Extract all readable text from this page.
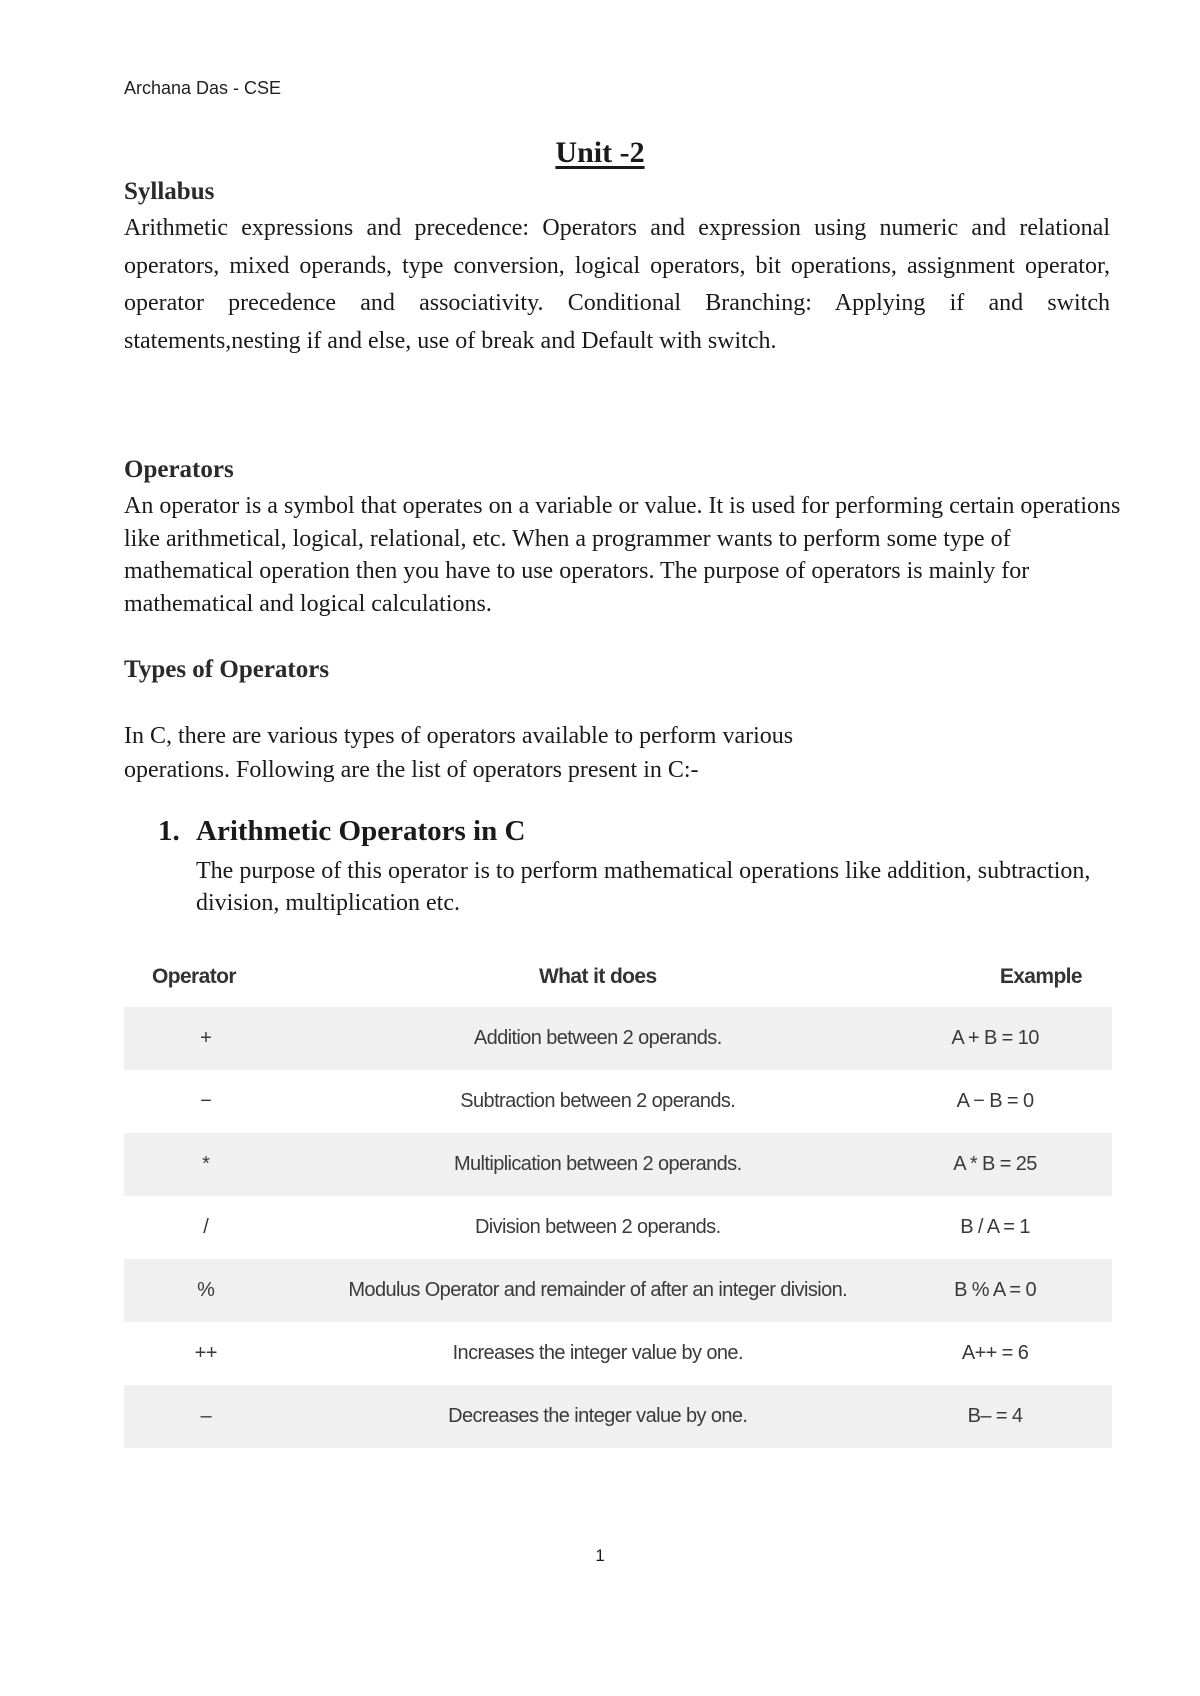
Archana Das - CSE
Unit -2
Syllabus
Arithmetic expressions and precedence: Operators and expression using numeric and relational operators, mixed operands, type conversion, logical operators, bit operations, assignment operator, operator precedence and associativity. Conditional Branching: Applying if and switch statements,nesting if and else, use of break and Default with switch.
Operators
An operator is a symbol that operates on a variable or value. It is used for performing certain operations like arithmetical, logical, relational, etc. When a programmer wants to perform some type of mathematical operation then you have to use operators. The purpose of operators is mainly for mathematical and logical calculations.
Types of Operators
In C, there are various types of operators available to perform various
operations. Following are the list of operators present in C:-
1. Arithmetic Operators in C
The purpose of this operator is to perform mathematical operations like addition, subtraction, division, multiplication etc.
Operator	What it does	Example
+	Addition between 2 operands.	A + B = 10
−	Subtraction between 2 operands.	A − B = 0
*	Multiplication between 2 operands.	A * B = 25
/	Division between 2 operands.	B / A = 1
%	Modulus Operator and remainder of after an integer division.	B % A = 0
++	Increases the integer value by one.	A++ = 6
–	Decreases the integer value by one.	B– = 4
1
